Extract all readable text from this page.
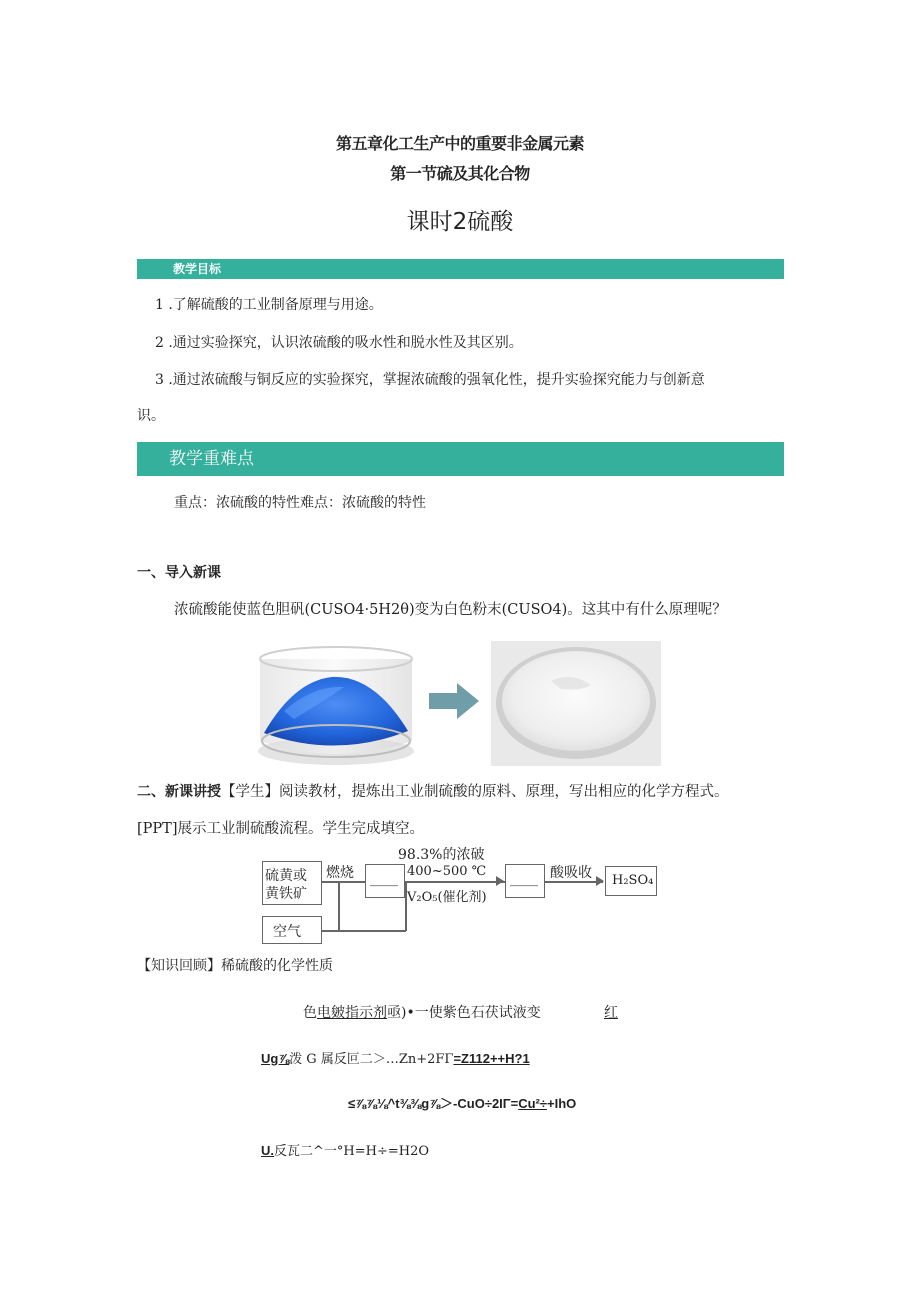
第五章化工生产中的重要非金属元素
第一节硫及其化合物
课时2硫酸
教学目标
1 .了解硫酸的工业制备原理与用途。
2 .通过实验探究，认识浓硫酸的吸水性和脱水性及其区别。
3 .通过浓硫酸与铜反应的实验探究，掌握浓硫酸的强氧化性，提升实验探究能力与创新意
识。
教学重难点
重点：浓硫酸的特性难点：浓硫酸的特性
一、导入新课
浓硫酸能使蓝色胆矾(CUSO4·5H2θ)变为白色粉末(CUSO4)。这其中有什么原理呢？
二、新课讲授【学生】阅读教材，提炼出工业制硫酸的原料、原理，写出相应的化学方程式。
[PPT]展示工业制硫酸流程。学生完成填空。
硫黄或
黄铁矿
空气
燃烧 ____
98.3%的浓破
400~500 ℃
V₂O₅(催化剂)
____ 酸吸收 H₂SO₄
【知识回顾】稀硫酸的化学性质
色电皴指示剂亟)•一使紫色石茯试液变	红
Ug⅞泼 G 属反叵二＞…Zn+2FΓ=Z112++H?1
≤⅞⅞⅛^t⅜⅜g⅞＞-CuO÷2IΓ=Cu²÷+IhO
U.反瓦二^一°H=H÷=H2O
